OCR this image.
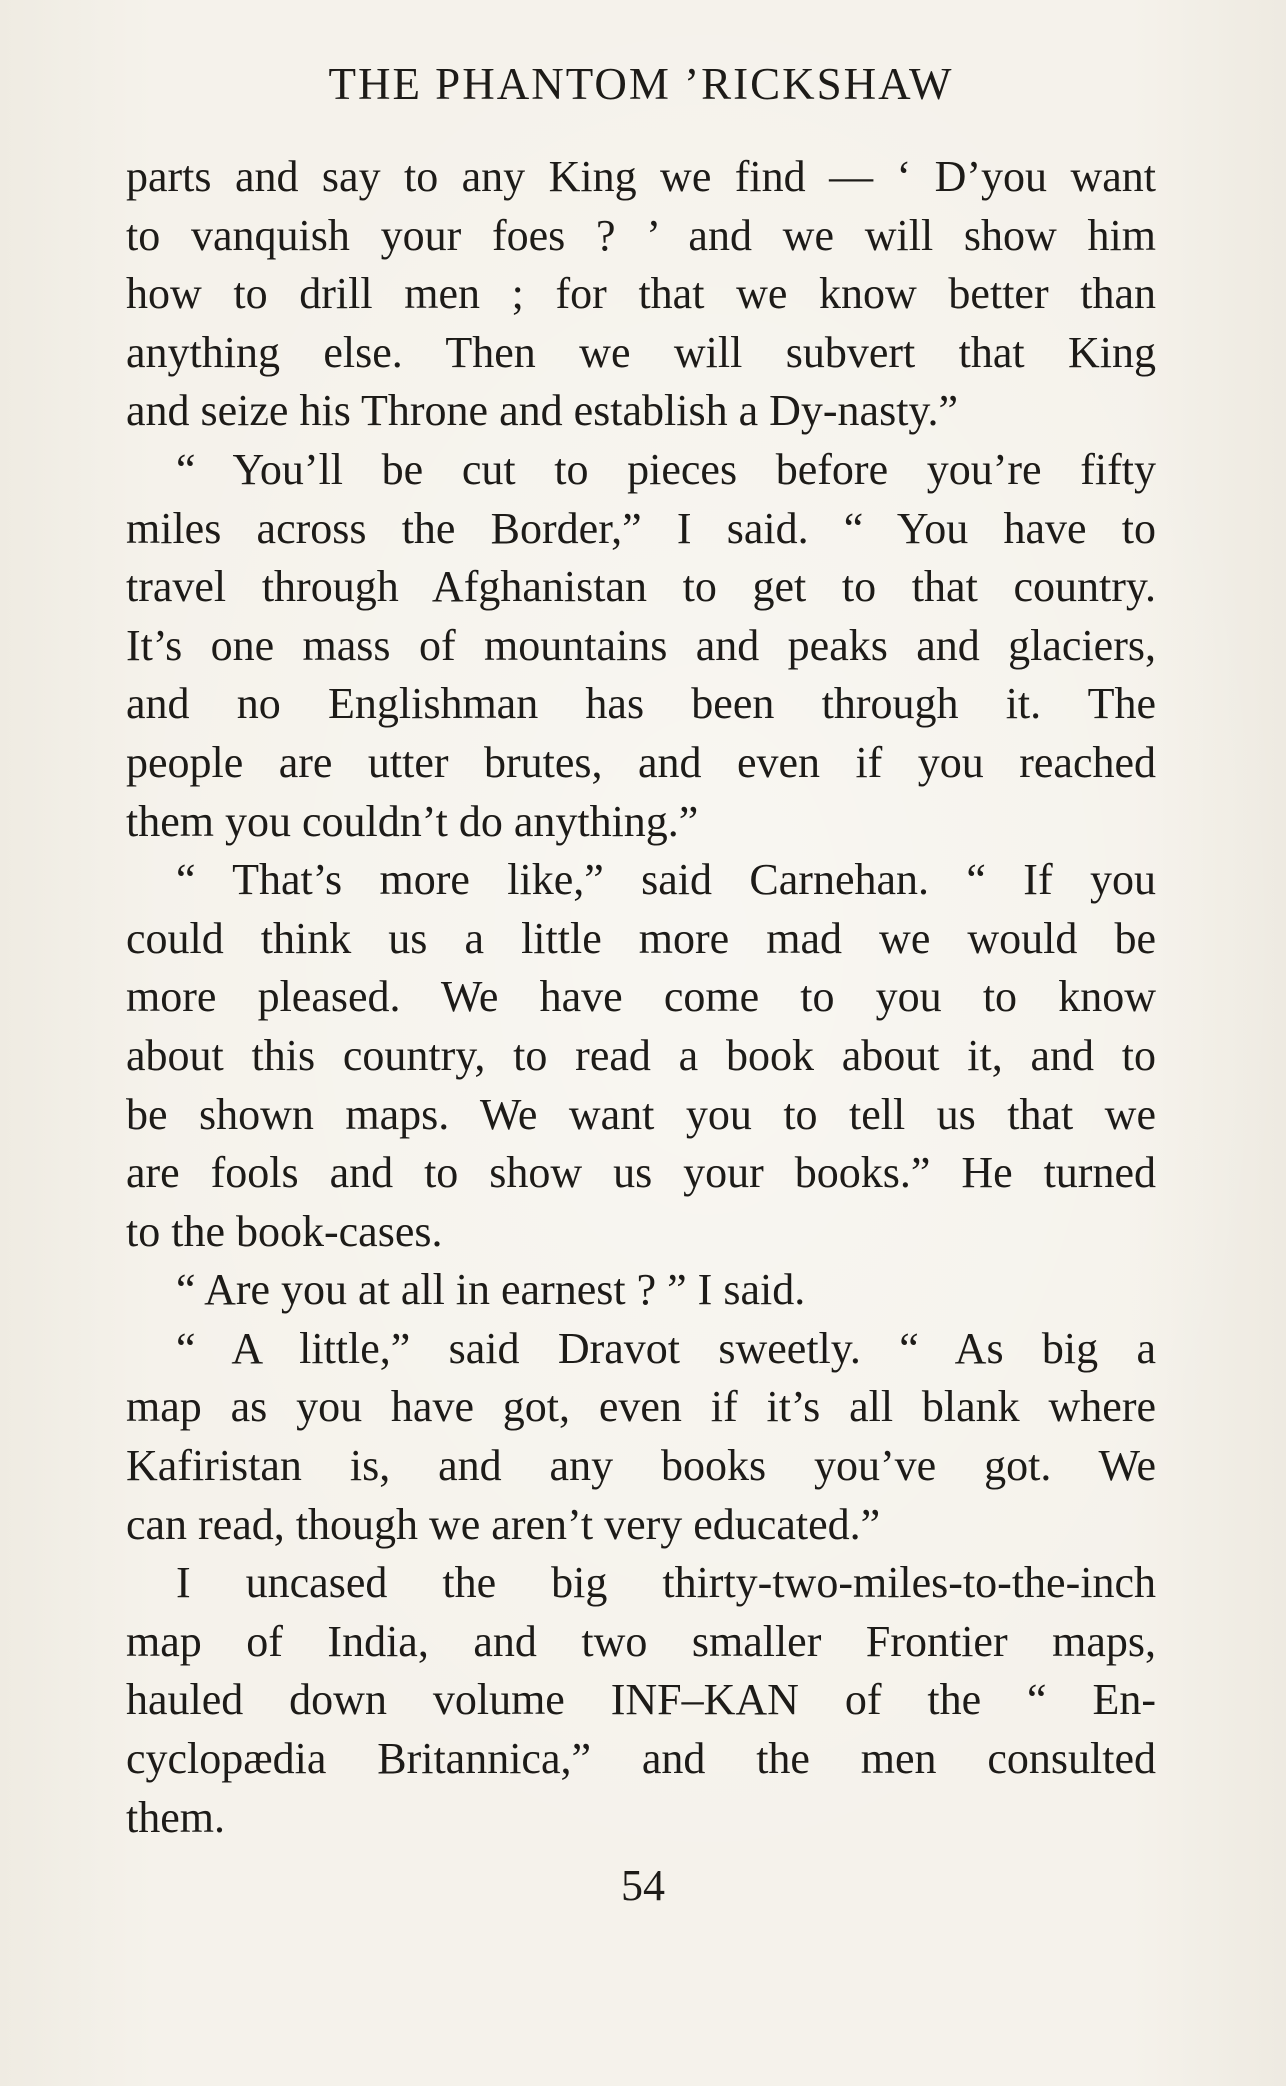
THE PHANTOM ’RICKSHAW
parts and say to any King we find — ‘ D’you want
to vanquish your foes ? ’ and we will show him
how to drill men ; for that we know better than
anything else. Then we will subvert that King
and seize his Throne and establish a Dy-nasty.”
“ You’ll be cut to pieces before you’re fifty
miles across the Border,” I said. “ You have to
travel through Afghanistan to get to that country.
It’s one mass of mountains and peaks and glaciers,
and no Englishman has been through it. The
people are utter brutes, and even if you reached
them you couldn’t do anything.”
“ That’s more like,” said Carnehan. “ If you
could think us a little more mad we would be
more pleased. We have come to you to know
about this country, to read a book about it, and to
be shown maps. We want you to tell us that we
are fools and to show us your books.” He turned
to the book-cases.
“ Are you at all in earnest ? ” I said.
“ A little,” said Dravot sweetly. “ As big a
map as you have got, even if it’s all blank where
Kafiristan is, and any books you’ve got. We
can read, though we aren’t very educated.”
I uncased the big thirty-two-miles-to-the-inch
map of India, and two smaller Frontier maps,
hauled down volume INF–KAN of the “ En-
cyclopædia Britannica,” and the men consulted
them.
54
